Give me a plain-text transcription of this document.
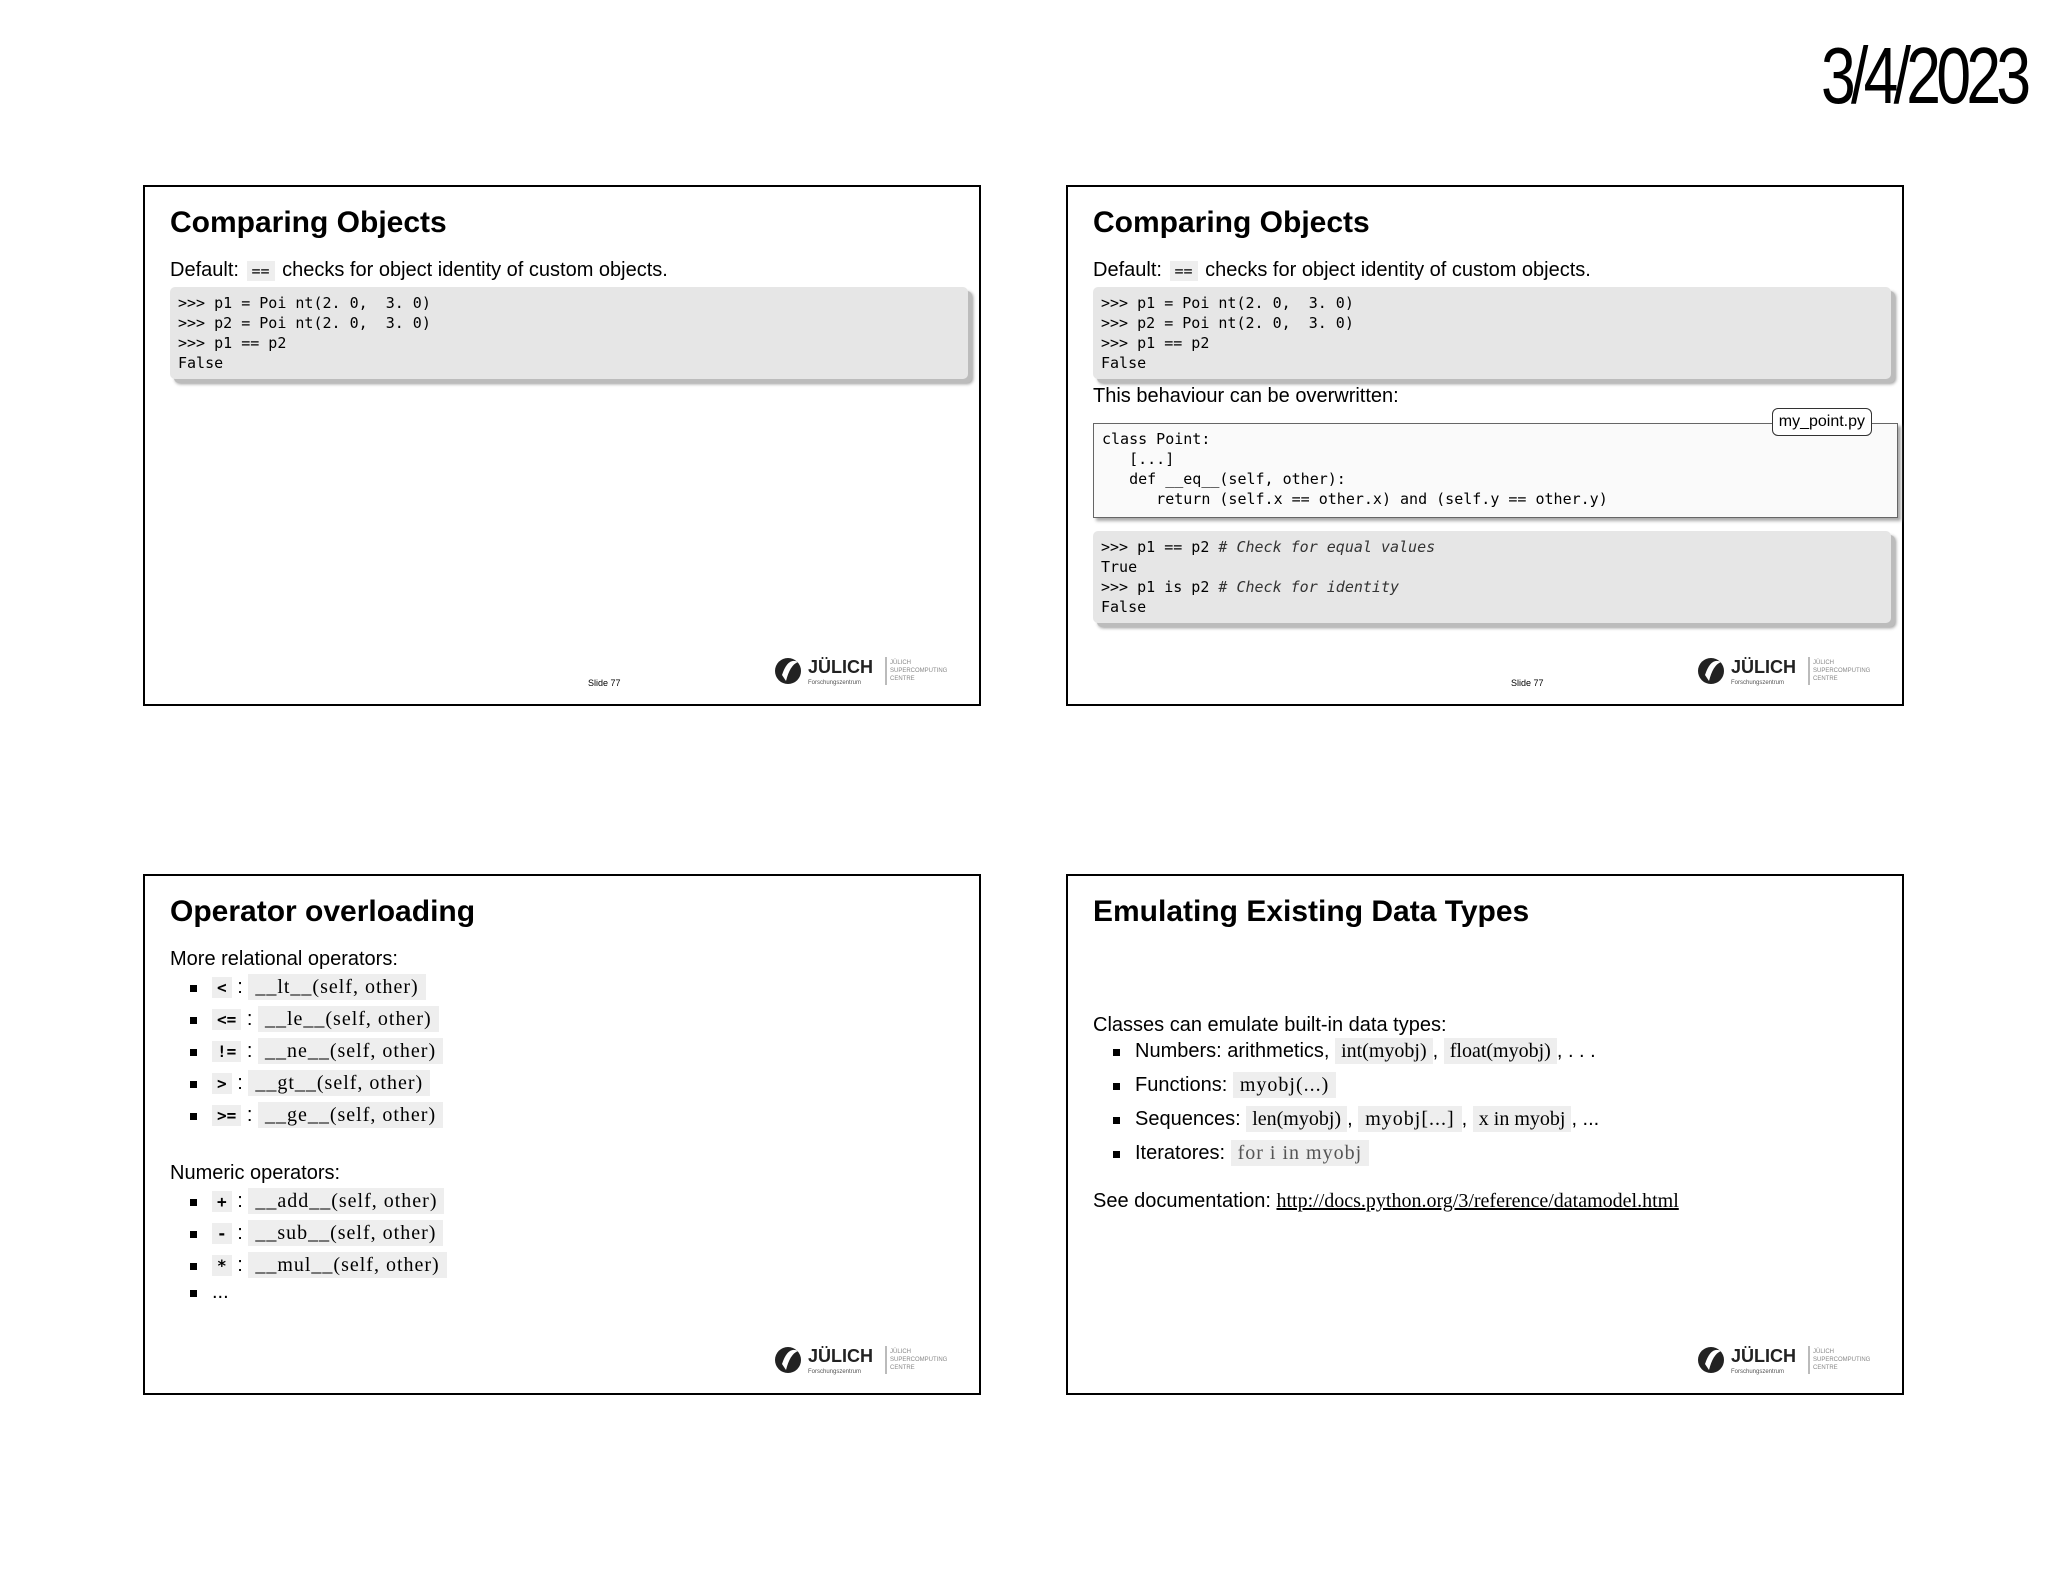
3/4/2023
Comparing Objects
Default: == checks for object identity of custom objects.
>>> p1 = Poi nt(2. 0,  3. 0)
>>> p2 = Poi nt(2. 0,  3. 0)
>>> p1 == p2
False
Slide 77
JÜLICH
Forschungszentrum
JÜLICH
SUPERCOMPUTING
CENTRE
Comparing Objects
Default: == checks for object identity of custom objects.
>>> p1 = Poi nt(2. 0,  3. 0)
>>> p2 = Poi nt(2. 0,  3. 0)
>>> p1 == p2
False
This behaviour can be overwritten:
my_point.py
class Point:
[...]
def __eq__(self, other):
return (self.x == other.x) and (self.y == other.y)
>>> p1 == p2 # Check for equal values
True
>>> p1 is p2 # Check for identity
False
Slide 77
JÜLICH
Forschungszentrum
JÜLICH
SUPERCOMPUTING
CENTRE
Operator overloading
More relational operators:
< : __lt__(self, other)
<= : __le__(self, other)
!= : __ne__(self, other)
> : __gt__(self, other)
>= : __ge__(self, other)
Numeric operators:
+ : __add__(self, other)
- : __sub__(self, other)
* : __mul__(self, other)
...
JÜLICH
Forschungszentrum
JÜLICH
SUPERCOMPUTING
CENTRE
Emulating Existing Data Types
Classes can emulate built-in data types:
Numbers: arithmetics, int(myobj) , float(myobj) , . . .
Functions: myobj(...)
Sequences: len(myobj) , myobj[...] , x in myobj , ...
Iteratores: for i in myobj
See documentation: http://docs.python.org/3/reference/datamodel.html
JÜLICH
Forschungszentrum
JÜLICH
SUPERCOMPUTING
CENTRE
